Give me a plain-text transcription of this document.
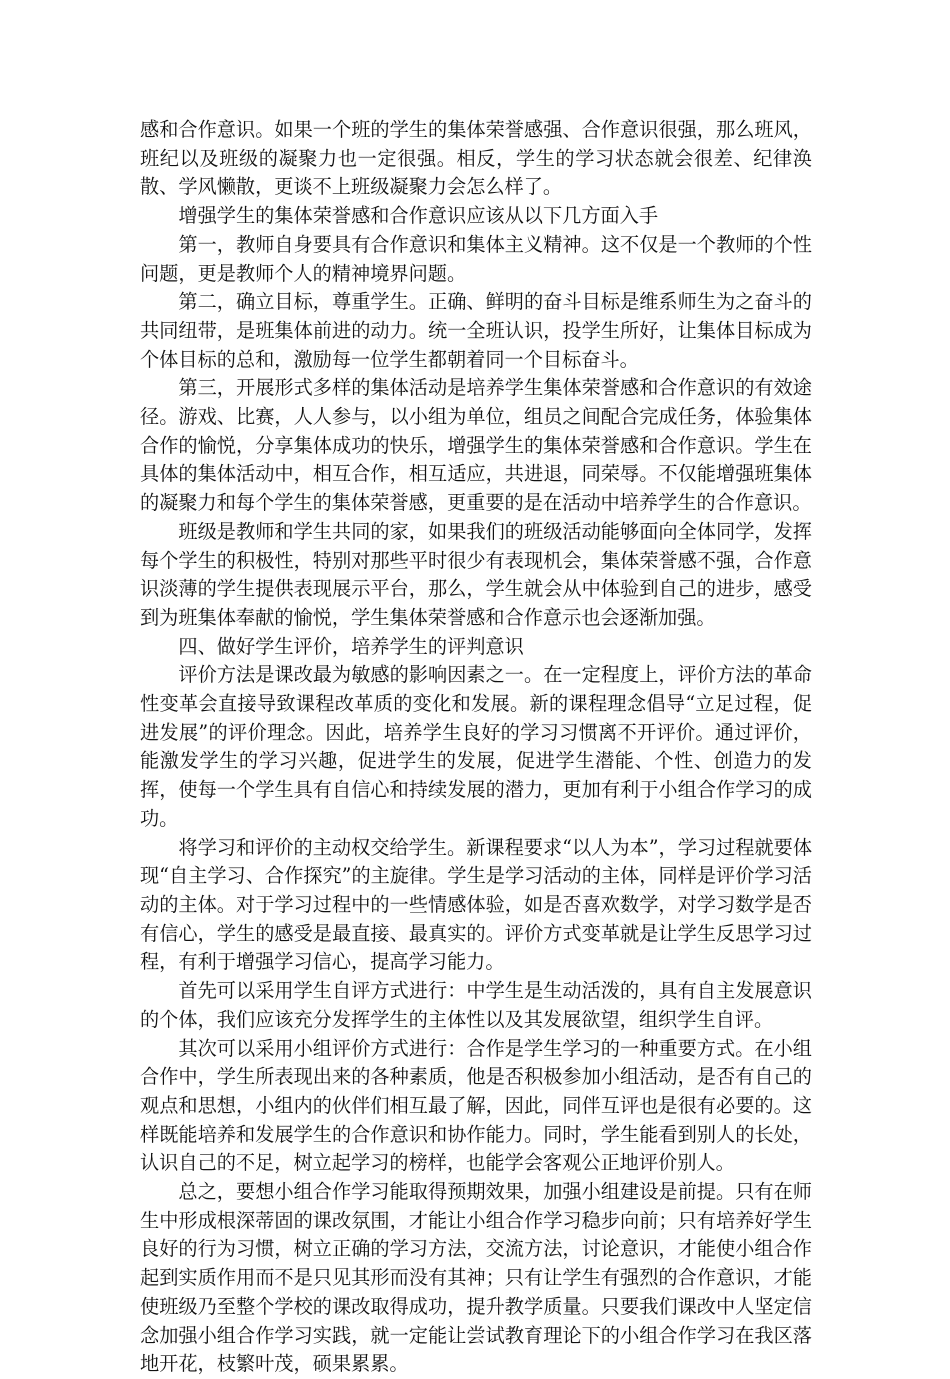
感和合作意识。如果一个班的学生的集体荣誉感强、合作意识很强，那么班风，班纪以及班级的凝聚力也一定很强。相反，学生的学习状态就会很差、纪律涣散、学风懒散，更谈不上班级凝聚力会怎么样了。

增强学生的集体荣誉感和合作意识应该从以下几方面入手

第一，教师自身要具有合作意识和集体主义精神。这不仅是一个教师的个性问题，更是教师个人的精神境界问题。

第二，确立目标，尊重学生。正确、鲜明的奋斗目标是维系师生为之奋斗的共同纽带，是班集体前进的动力。统一全班认识，投学生所好，让集体目标成为个体目标的总和，激励每一位学生都朝着同一个目标奋斗。

第三，开展形式多样的集体活动是培养学生集体荣誉感和合作意识的有效途径。游戏、比赛，人人参与，以小组为单位，组员之间配合完成任务，体验集体合作的愉悦，分享集体成功的快乐，增强学生的集体荣誉感和合作意识。学生在具体的集体活动中，相互合作，相互适应，共进退，同荣辱。不仅能增强班集体的凝聚力和每个学生的集体荣誉感，更重要的是在活动中培养学生的合作意识。

班级是教师和学生共同的家，如果我们的班级活动能够面向全体同学，发挥每个学生的积极性，特别对那些平时很少有表现机会，集体荣誉感不强，合作意识淡薄的学生提供表现展示平台，那么，学生就会从中体验到自己的进步，感受到为班集体奉献的愉悦，学生集体荣誉感和合作意示也会逐渐加强。

四、做好学生评价，培养学生的评判意识

评价方法是课改最为敏感的影响因素之一。在一定程度上，评价方法的革命性变革会直接导致课程改革质的变化和发展。新的课程理念倡导“立足过程，促进发展”的评价理念。因此，培养学生良好的学习习惯离不开评价。通过评价，能激发学生的学习兴趣，促进学生的发展，促进学生潜能、个性、创造力的发挥，使每一个学生具有自信心和持续发展的潜力，更加有利于小组合作学习的成功。

将学习和评价的主动权交给学生。新课程要求“以人为本”，学习过程就要体现“自主学习、合作探究”的主旋律。学生是学习活动的主体，同样是评价学习活动的主体。对于学习过程中的一些情感体验，如是否喜欢数学，对学习数学是否有信心，学生的感受是最直接、最真实的。评价方式变革就是让学生反思学习过程，有利于增强学习信心，提高学习能力。

首先可以采用学生自评方式进行：中学生是生动活泼的，具有自主发展意识的个体，我们应该充分发挥学生的主体性以及其发展欲望，组织学生自评。

其次可以采用小组评价方式进行：合作是学生学习的一种重要方式。在小组合作中，学生所表现出来的各种素质，他是否积极参加小组活动，是否有自己的观点和思想，小组内的伙伴们相互最了解，因此，同伴互评也是很有必要的。这样既能培养和发展学生的合作意识和协作能力。同时，学生能看到别人的长处，认识自己的不足，树立起学习的榜样，也能学会客观公正地评价别人。

总之，要想小组合作学习能取得预期效果，加强小组建设是前提。只有在师生中形成根深蒂固的课改氛围，才能让小组合作学习稳步向前；只有培养好学生良好的行为习惯，树立正确的学习方法，交流方法，讨论意识，才能使小组合作起到实质作用而不是只见其形而没有其神；只有让学生有强烈的合作意识，才能使班级乃至整个学校的课改取得成功，提升教学质量。只要我们课改中人坚定信念加强小组合作学习实践，就一定能让尝试教育理论下的小组合作学习在我区落地开花，枝繁叶茂，硕果累累。
